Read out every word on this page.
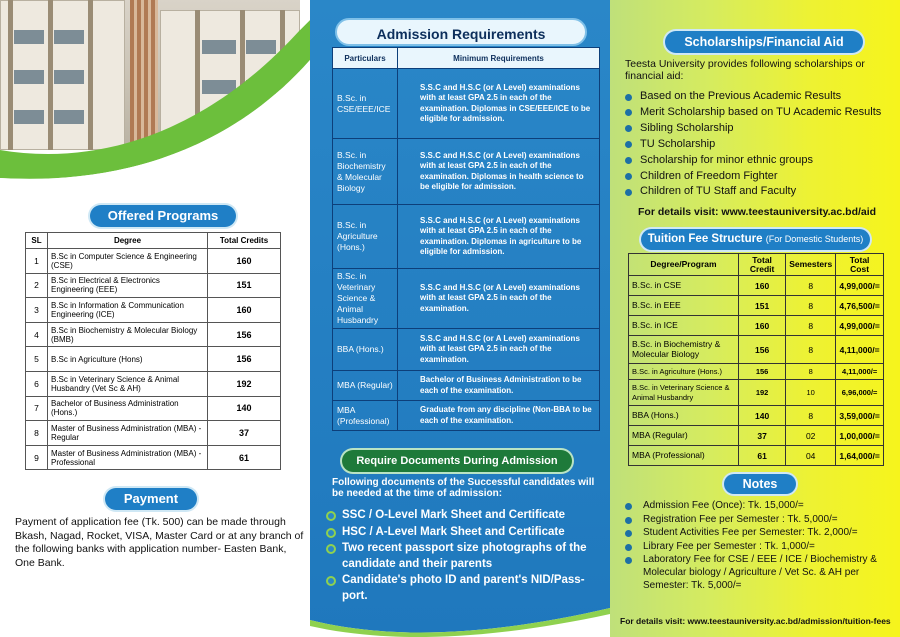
Offered Programs
SL	Degree	Total Credits
1	B.Sc in Computer Science & Engineering (CSE)	160
2	B.Sc in Electrical & Electronics Engineering (EEE)	151
3	B.Sc in Information & Communication Engineering (ICE)	160
4	B.Sc in Biochemistry & Molecular Biology (BMB)	156
5	B.Sc in Agriculture (Hons)	156
6	B.Sc in Veterinary Science & Animal Husbandry (Vet Sc & AH)	192
7	Bachelor of Business Administration (Hons.)	140
8	Master of Business Administration (MBA) - Regular	37
9	Master of Business Administration (MBA) - Professional	61
Payment

Payment of application fee (Tk. 500) can be made through Bkash, Nagad, Rocket, VISA, Master Card or at any branch of the following banks with application number- Easten Bank, One Bank.

Admission Requirements
Particulars	Minimum Requirements
B.Sc. in CSE/EEE/ICE	S.S.C and H.S.C (or A Level) examinations with at least GPA 2.5 in each of the examination. Diplomas in CSE/EEE/ICE to be eligible for admission.
B.Sc. in Biochemistry & Molecular Biology	S.S.C and H.S.C (or A Level) examinations with at least GPA 2.5 in each of the examination. Diplomas in health science to be eligible for admission.
B.Sc. in Agriculture (Hons.)	S.S.C and H.S.C (or A Level) examinations with at least GPA 2.5 in each of the examination. Diplomas in agriculture to be eligible for admission.
B.Sc. in Veterinary Science & Animal Husbandry	S.S.C and H.S.C (or A Level) examinations with at least GPA 2.5 in each of the examination.
BBA (Hons.)	S.S.C and H.S.C (or A Level) examinations with at least GPA 2.5 in each of the examination.
MBA (Regular)	Bachelor of Business Administration to be each of the examination.
MBA (Professional)	Graduate from any discipline (Non-BBA to be each of the examination.
Require Documents During Admission

Following documents of the Successful candidates will be needed at the time of admission:

SSC / O-Level Mark Sheet and Certificate
HSC / A-Level Mark Sheet and Certificate
Two recent passport size photographs of the candidate and their parents
Candidate's photo ID and parent's NID/Pass-port.
Scholarships/Financial Aid

Teesta University provides following scholarships or financial aid:

Based on the Previous Academic Results
Merit Scholarship based on TU Academic Results
Sibling Scholarship
TU Scholarship
Scholarship for minor ethnic groups
Children of Freedom Fighter
Children of TU Staff and Faculty
For details visit: www.teestauniversity.ac.bd/aid
Tuition Fee Structure (For Domestic Students)
Degree/Program	Total Credit	Semesters	Total Cost
B.Sc. in CSE	160	8	4,99,000/=
B.Sc. in EEE	151	8	4,76,500/=
B.Sc. in ICE	160	8	4,99,000/=
B.Sc. in Biochemistry & Molecular Biology	156	8	4,11,000/=
B.Sc. in Agriculture (Hons.)	156	8	4,11,000/=
B.Sc. in Veterinary Science & Animal Husbandry	192	10	6,96,000/=
BBA (Hons.)	140	8	3,59,000/=
MBA (Regular)	37	02	1,00,000/=
MBA (Professional)	61	04	1,64,000/=
Notes
Admission Fee (Once): Tk. 15,000/=
Registration Fee per Semester : Tk. 5,000/=
Student Activities Fee per Semester: Tk. 2,000/=
Library Fee per Semester : Tk. 1,000/=
Laboratory Fee for CSE / EEE / ICE / Biochemistry & Molecular biology / Agriculture / Vet Sc. & AH per Semester: Tk. 5,000/=
For details visit: www.teestauniversity.ac.bd/admission/tuition-fees
